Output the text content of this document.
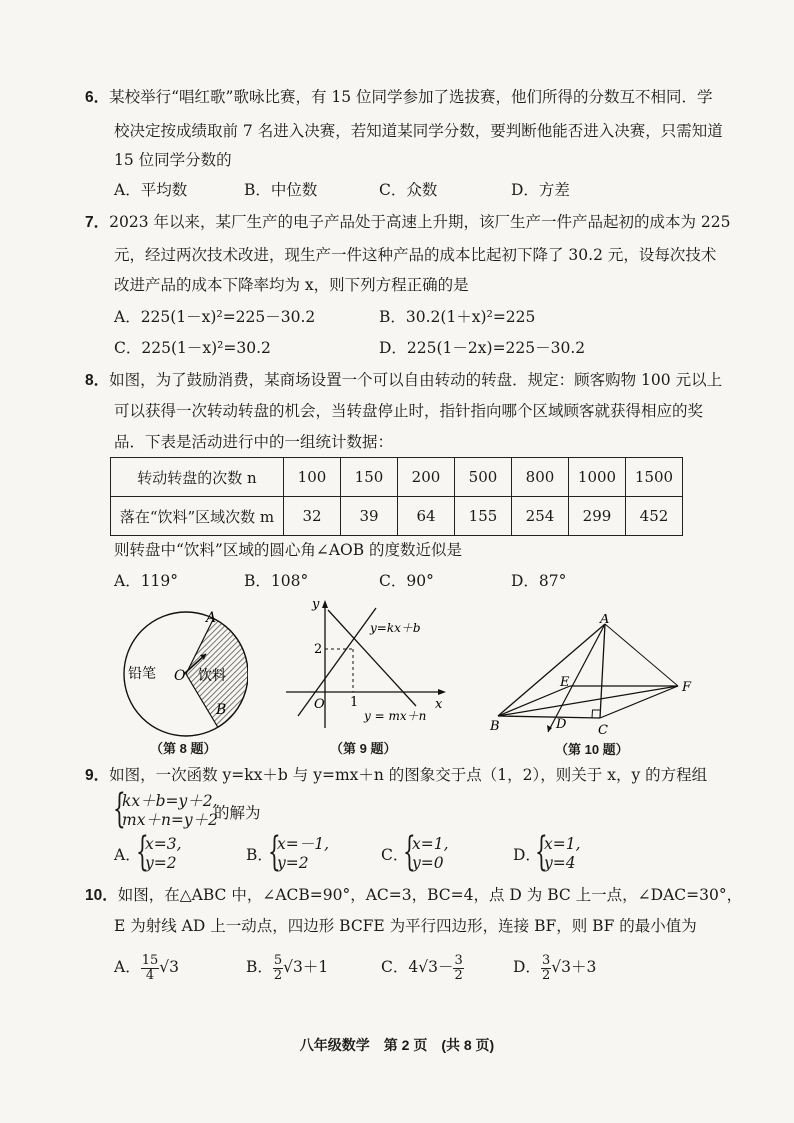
6．某校举行“唱红歌”歌咏比赛，有 15 位同学参加了选拔赛，他们所得的分数互不相同．学
校决定按成绩取前 7 名进入决赛，若知道某同学分数，要判断他能否进入决赛，只需知道
15 位同学分数的
A．平均数	B．中位数	C．众数	D．方差
7．2023 年以来，某厂生产的电子产品处于高速上升期，该厂生产一件产品起初的成本为 225
元，经过两次技术改进，现生产一件这种产品的成本比起初下降了 30.2 元，设每次技术
改进产品的成本下降率均为 x，则下列方程正确的是
A．225(1－x)²=225－30.2	B．30.2(1＋x)²=225
C．225(1－x)²=30.2	D．225(1－2x)=225－30.2
8．如图，为了鼓励消费，某商场设置一个可以自由转动的转盘．规定：顾客购物 100 元以上
可以获得一次转动转盘的机会，当转盘停止时，指针指向哪个区域顾客就获得相应的奖
品．下表是活动进行中的一组统计数据：
转动转盘的次数 n	100	150	200	500	800	1000	1500
落在“饮料”区域次数 m	32	39	64	155	254	299	452
则转盘中“饮料”区域的圆心角∠AOB 的度数近似是
A．119°	B．108°	C．90°	D．87°
铅笔	饮料
O
A
B
（第 8 题）
y
x
O
2
1
y=kx＋b
y = mx＋n
（第 9 题）
A
B	C
D
E	F
（第 10 题）
9．如图，一次函数 y=kx＋b 与 y=mx＋n 的图象交于点（1，2），则关于 x，y 的方程组
{
kx＋b=y＋2,
mx＋n=y＋2
的解为
A．
{
x=3,
y=2	B．
{
x=－1,
y=2	C．
{
x=1,
y=0	D．
{
x=1,
y=4
10．如图，在△ABC 中，∠ACB=90°，AC=3，BC=4，点 D 为 BC 上一点，∠DAC=30°，
E 为射线 AD 上一动点，四边形 BCFE 为平行四边形，连接 BF，则 BF 的最小值为
A． $\frac{15}{4} √3$	B． $\frac{5}{2} √3+1$	C．$4√3- \frac{3}{2}$	D． $\frac{3}{2} √3+3$
八年级数学　第 2 页　(共 8 页)
